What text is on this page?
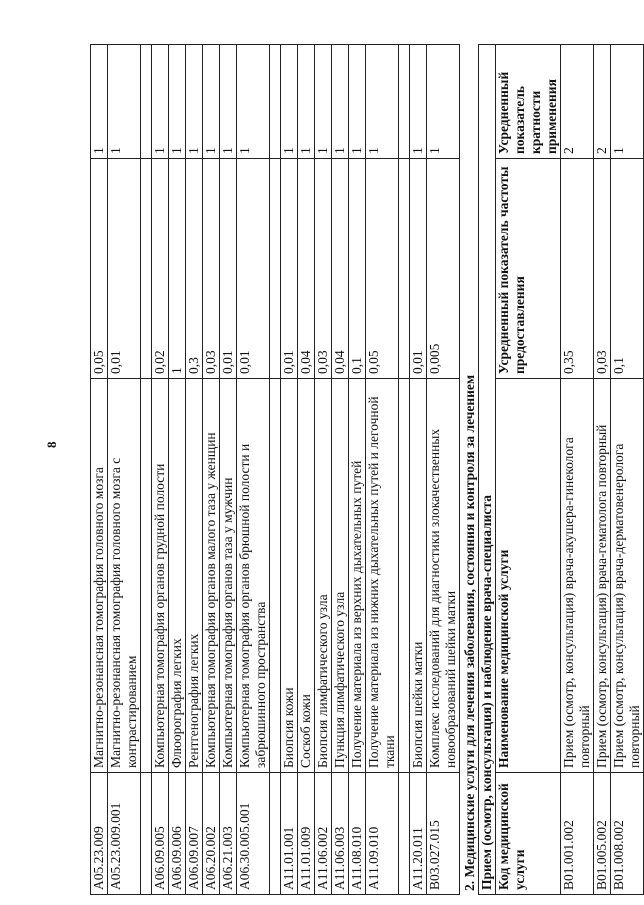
8
A05.23.009	Магнитно-резонансная томография головного мозга	0,05	1
A05.23.009.001	Магнитно-резонансная томография головного мозга с контрастированием	0,01	1

A06.09.005	Компьютерная томография органов грудной полости	0,02	1
A06.09.006	Флюорография легких	1	1
A06.09.007	Рентгенография легких	0,3	1
A06.20.002	Компьютерная томография органов малого таза у женщин	0,03	1
A06.21.003	Компьютерная томография органов таза у мужчин	0,01	1
A06.30.005.001	Компьютерная томография органов брюшной полости и забрюшинного пространства	0,01	1

A11.01.001	Биопсия кожи	0,01	1
A11.01.009	Соскоб кожи	0,04	1
A11.06.002	Биопсия лимфатического узла	0,03	1
A11.06.003	Пункция лимфатического узла	0,04	1
A11.08.010	Получение материала из верхних дыхательных путей	0,1	1
A11.09.010	Получение материала из нижних дыхательных путей и легочной ткани	0,05	1

A11.20.011	Биопсия шейки матки	0,01	1
B03.027.015	Комплекс исследований для диагностики злокачественных новообразований шейки матки	0,005	1
2. Медицинские услуги для лечения заболевания, состояния и контроля за лечением Прием (осмотр, консультация) и наблюдение врача-специалиста			
Код медицинской услуги	Наименование медицинской услуги	Усредненный показатель частоты предоставления	Усредненный показатель кратности применения
B01.001.002	Прием (осмотр, консультация) врача-акушера-гинеколога повторный	0,35	2
B01.005.002	Прием (осмотр, консультация) врача-гематолога повторный	0,03	2
B01.008.002	Прием (осмотр, консультация) врача-дерматовенеролога повторный	0,1	1
